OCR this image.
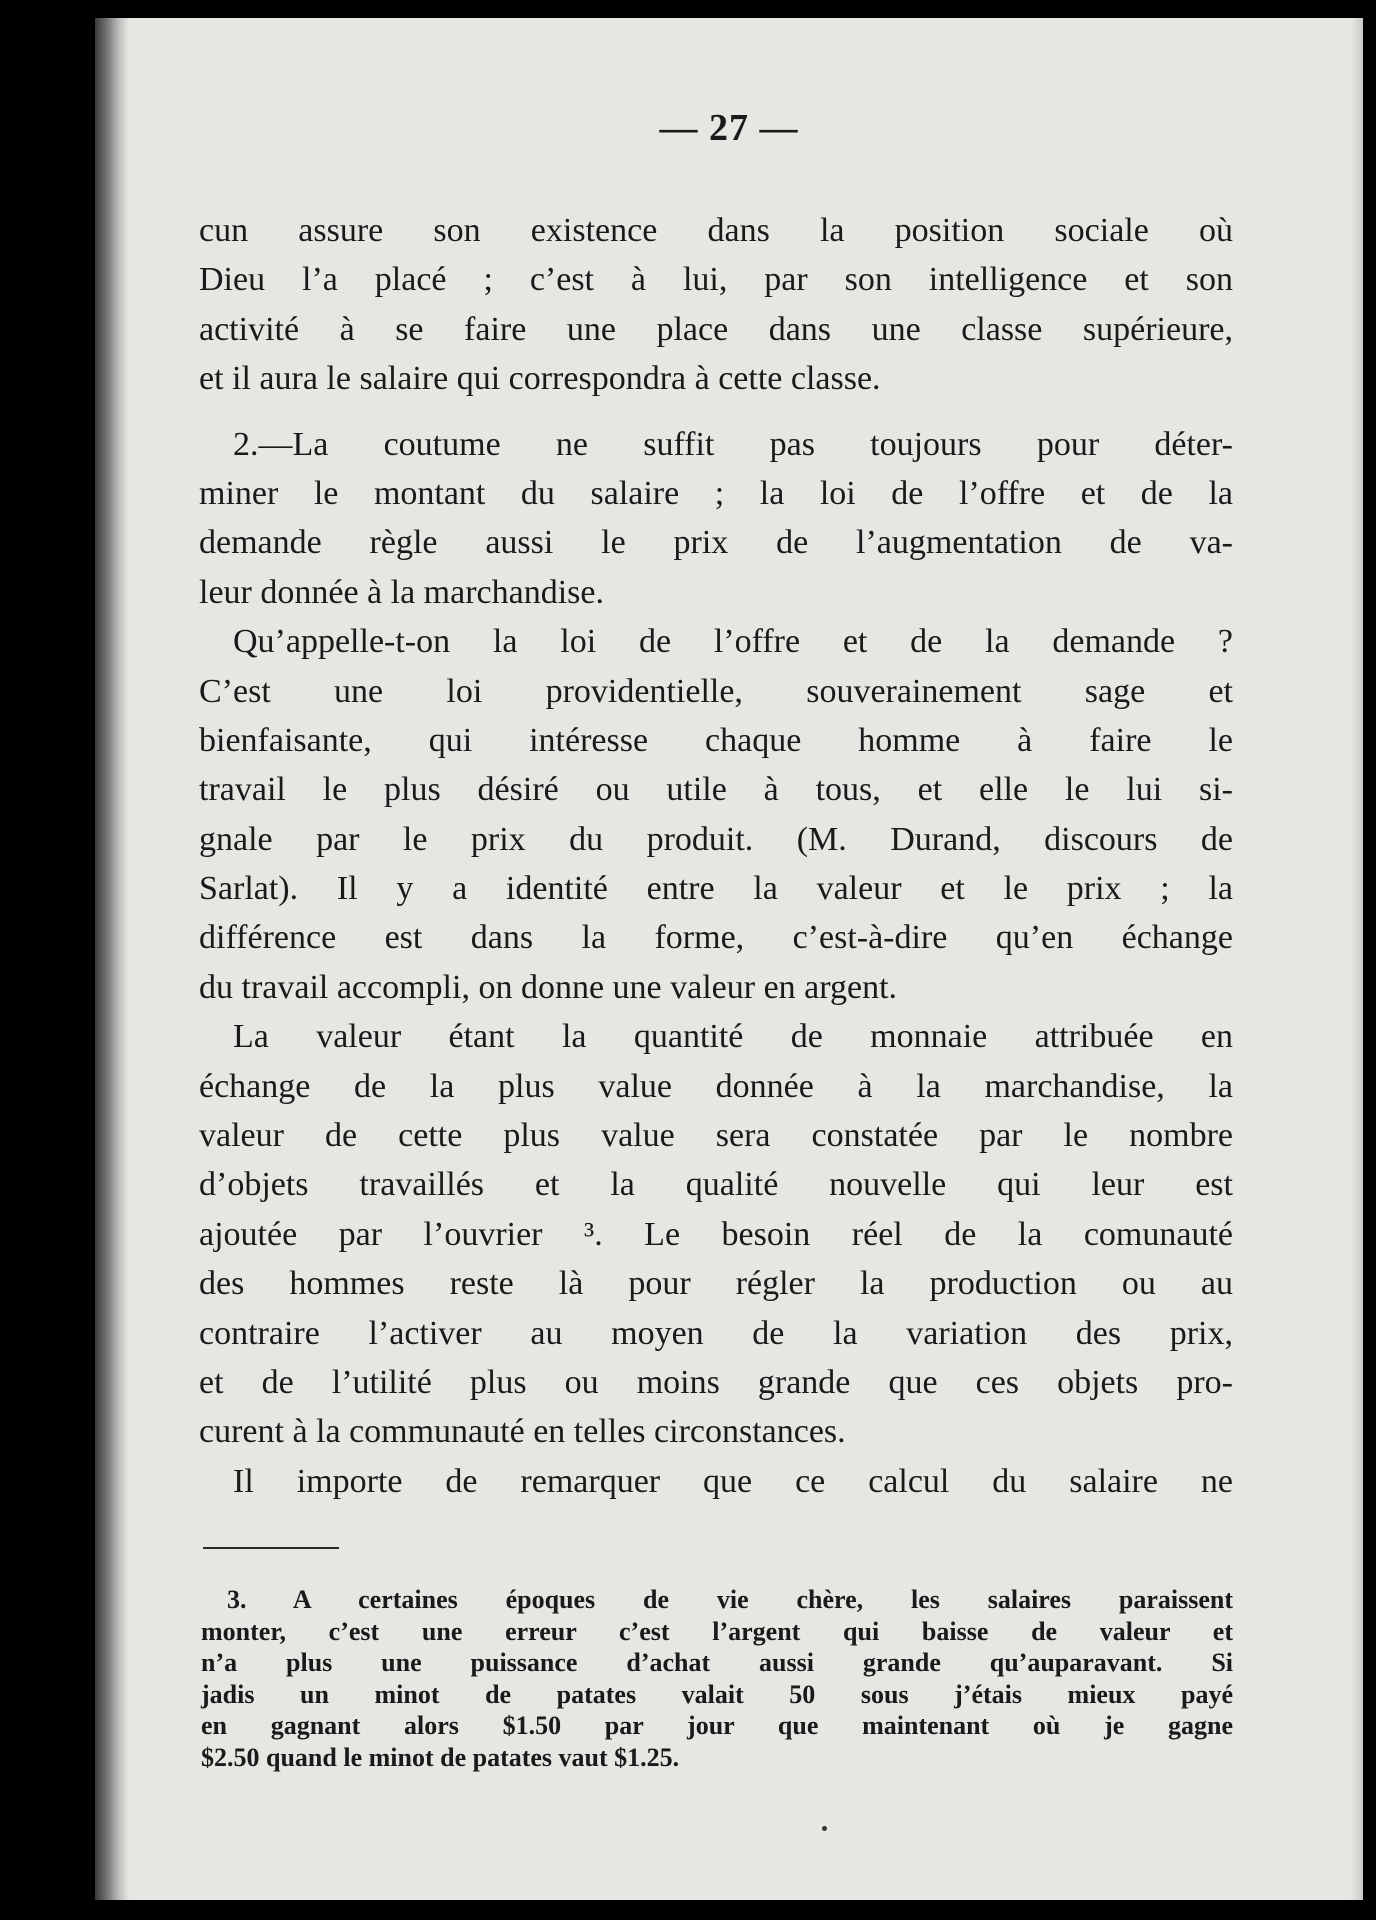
— 27 —
cun assure son existence dans la position sociale où
Dieu l’a placé ; c’est à lui, par son intelligence et son
activité à se faire une place dans une classe supérieure,
et il aura le salaire qui correspondra à cette classe.
 2.—La coutume ne suffit pas toujours pour déter-
miner le montant du salaire ; la loi de l’offre et de la
demande règle aussi le prix de l’augmentation de va-
leur donnée à la marchandise.
 Qu’appelle-t-on la loi de l’offre et de la demande ?
C’est une loi providentielle, souverainement sage et
bienfaisante, qui intéresse chaque homme à faire le
travail le plus désiré ou utile à tous, et elle le lui si-
gnale par le prix du produit. (M. Durand, discours de
Sarlat). Il y a identité entre la valeur et le prix ; la
différence est dans la forme, c’est-à-dire qu’en échange
du travail accompli, on donne une valeur en argent.
 La valeur étant la quantité de monnaie attribuée en
échange de la plus value donnée à la marchandise, la
valeur de cette plus value sera constatée par le nombre
d’objets travaillés et la qualité nouvelle qui leur est
ajoutée par l’ouvrier ³. Le besoin réel de la comunauté
des hommes reste là pour régler la production ou au
contraire l’activer au moyen de la variation des prix,
et de l’utilité plus ou moins grande que ces objets pro-
curent à la communauté en telles circonstances.
 Il importe de remarquer que ce calcul du salaire ne
 3. A certaines époques de vie chère, les salaires paraissent
monter, c’est une erreur c’est l’argent qui baisse de valeur et
n’a plus une puissance d’achat aussi grande qu’auparavant. Si
jadis un minot de patates valait 50 sous j’étais mieux payé
en gagnant alors $1.50 par jour que maintenant où je gagne
$2.50 quand le minot de patates vaut $1.25.
